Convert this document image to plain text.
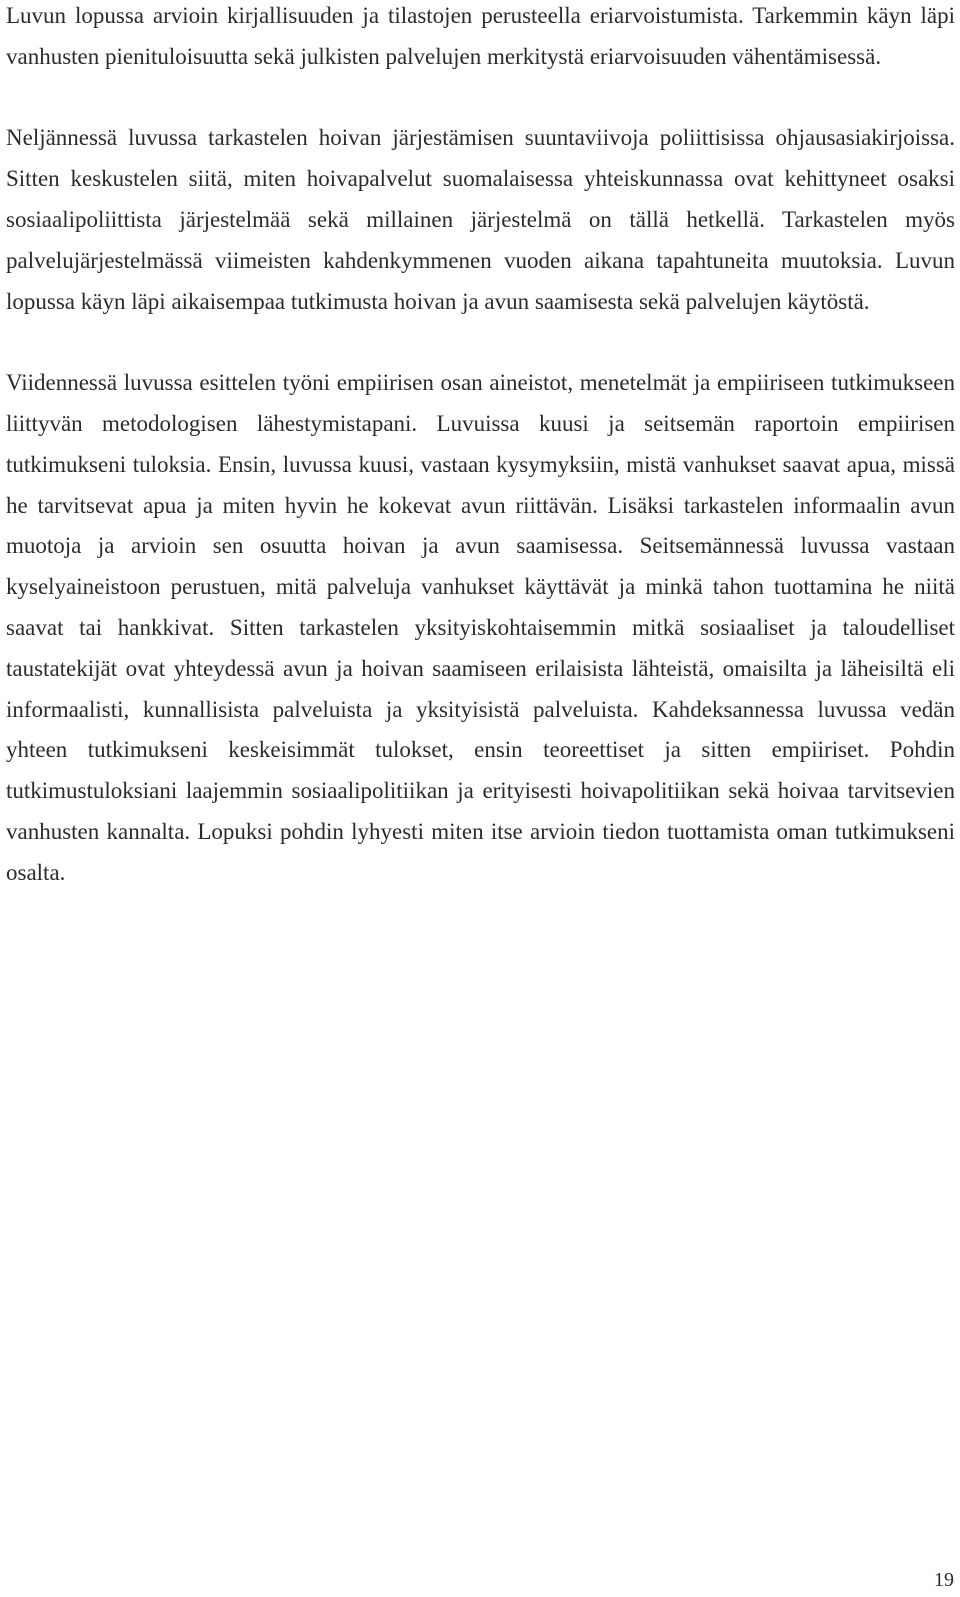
Luvun lopussa arvioin kirjallisuuden ja tilastojen perusteella eriarvoistumista. Tarkemmin käyn läpi vanhusten pienituloisuutta sekä julkisten palvelujen merkitystä eriarvoisuuden vähentämisessä.

Neljännessä luvussa tarkastelen hoivan järjestämisen suuntaviivoja poliittisissa ohjausasiakirjoissa. Sitten keskustelen siitä, miten hoivapalvelut suomalaisessa yhteiskunnassa ovat kehittyneet osaksi sosiaalipoliittista järjestelmää sekä millainen järjestelmä on tällä hetkellä. Tarkastelen myös palvelujärjestelmässä viimeisten kahdenkymmenen vuoden aikana tapahtuneita muutoksia. Luvun lopussa käyn läpi aikaisempaa tutkimusta hoivan ja avun saamisesta sekä palvelujen käytöstä.

Viidennessä luvussa esittelen työni empiirisen osan aineistot, menetelmät ja empiiriseen tutkimukseen liittyvän metodologisen lähestymistapani. Luvuissa kuusi ja seitsemän raportoin empiirisen tutkimukseni tuloksia. Ensin, luvussa kuusi, vastaan kysymyksiin, mistä vanhukset saavat apua, missä he tarvitsevat apua ja miten hyvin he kokevat avun riittävän. Lisäksi tarkastelen informaalin avun muotoja ja arvioin sen osuutta hoivan ja avun saamisessa. Seitsemännessä luvussa vastaan kyselyaineistoon perustuen, mitä palveluja vanhukset käyttävät ja minkä tahon tuottamina he niitä saavat tai hankkivat. Sitten tarkastelen yksityiskohtaisemmin mitkä sosiaaliset ja taloudelliset taustatekijät ovat yhteydessä avun ja hoivan saamiseen erilaisista lähteistä, omaisilta ja läheisiltä eli informaalisti, kunnallisista palveluista ja yksityisistä palveluista. Kahdeksannessa luvussa vedän yhteen tutkimukseni keskeisimmät tulokset, ensin teoreettiset ja sitten empiiriset. Pohdin tutkimustuloksiani laajemmin sosiaalipolitiikan ja erityisesti hoivapolitiikan sekä hoivaa tarvitsevien vanhusten kannalta. Lopuksi pohdin lyhyesti miten itse arvioin tiedon tuottamista oman tutkimukseni osalta.

19
